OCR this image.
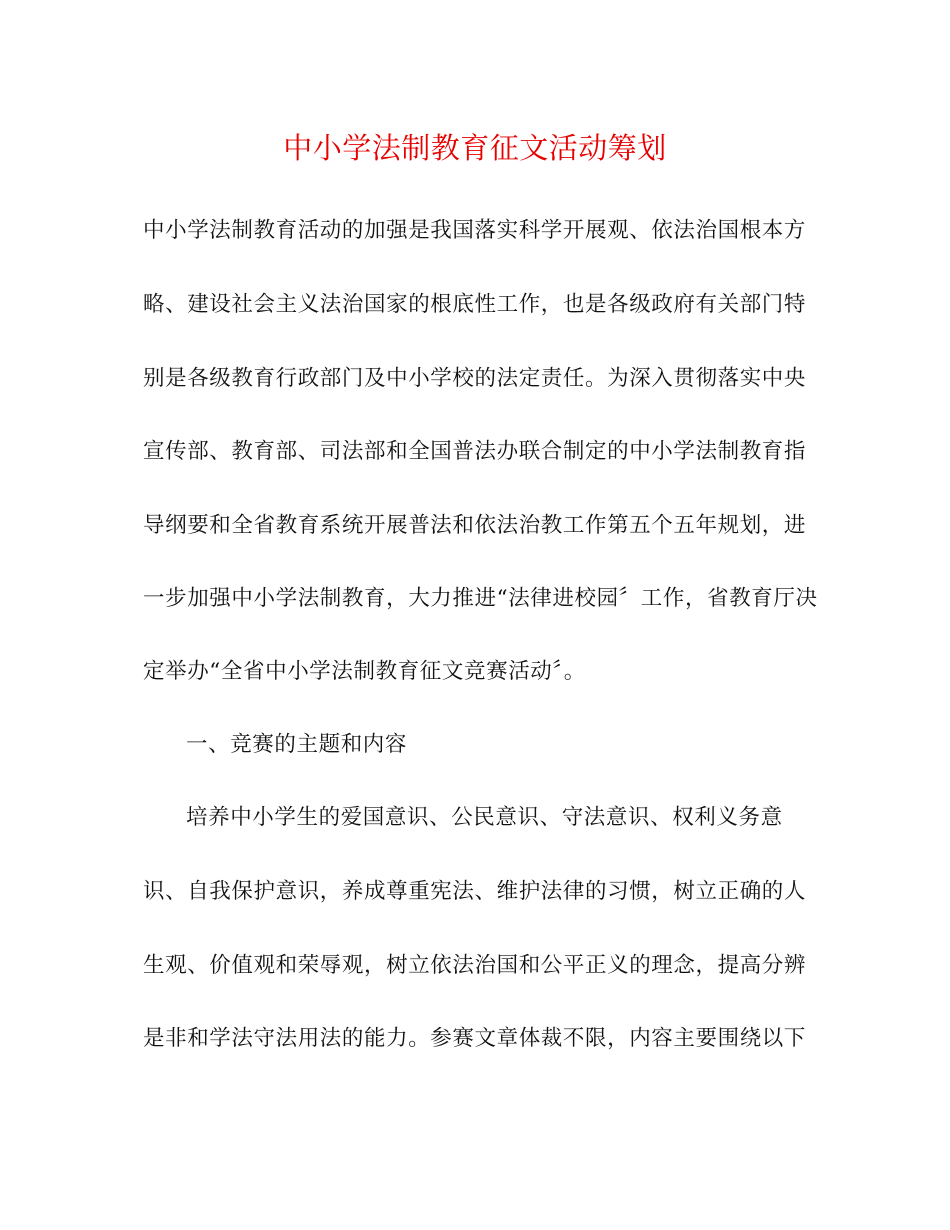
中小学法制教育征文活动筹划
中小学法制教育活动的加强是我国落实科学开展观、依法治国根本方
略、建设社会主义法治国家的根底性工作，也是各级政府有关部门特
别是各级教育行政部门及中小学校的法定责任。为深入贯彻落实中央
宣传部、教育部、司法部和全国普法办联合制定的中小学法制教育指
导纲要和全省教育系统开展普法和依法治教工作第五个五年规划，进
一步加强中小学法制教育，大力推进“法律进校园〞工作，省教育厅决
定举办“全省中小学法制教育征文竞赛活动〞。
一、竞赛的主题和内容
培养中小学生的爱国意识、公民意识、守法意识、权利义务意
识、自我保护意识，养成尊重宪法、维护法律的习惯，树立正确的人
生观、价值观和荣辱观，树立依法治国和公平正义的理念，提高分辨
是非和学法守法用法的能力。参赛文章体裁不限，内容主要围绕以下
